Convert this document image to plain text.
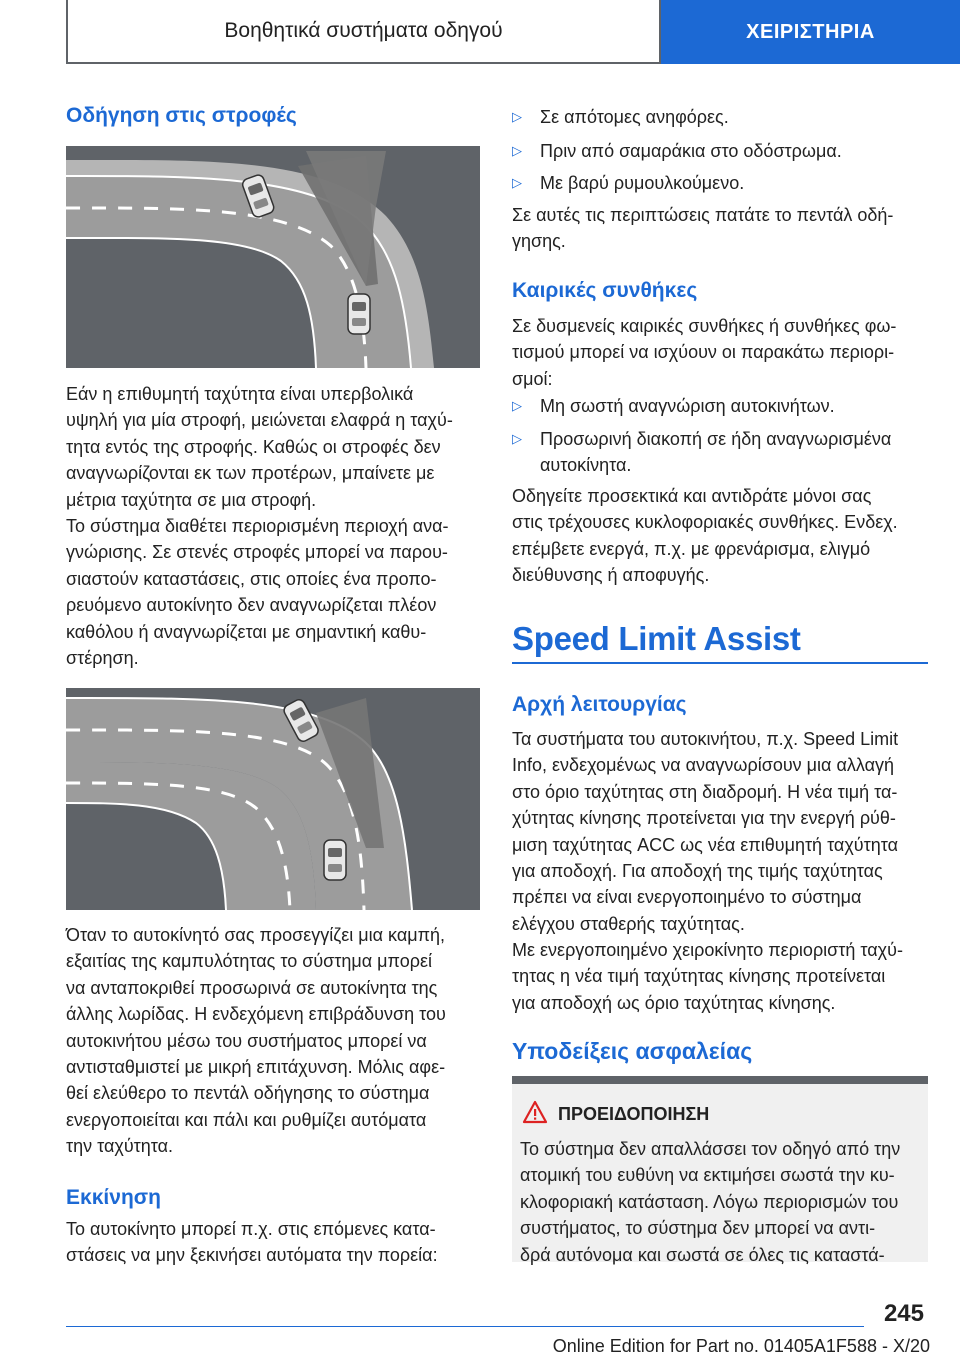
Βοηθητικά συστήματα οδηγού	ΧΕΙΡΙΣΤΗΡΙΑ
Οδήγηση στις στροφές
Εάν η επιθυμητή ταχύτητα είναι υπερβολικά
υψηλή για μία στροφή, μειώνεται ελαφρά η ταχύ-
τητα εντός της στροφής. Καθώς οι στροφές δεν
αναγνωρίζονται εκ των προτέρων, μπαίνετε με
μέτρια ταχύτητα σε μια στροφή.
Το σύστημα διαθέτει περιορισμένη περιοχή ανα-
γνώρισης. Σε στενές στροφές μπορεί να παρου-
σιαστούν καταστάσεις, στις οποίες ένα προπο-
ρευόμενο αυτοκίνητο δεν αναγνωρίζεται πλέον
καθόλου ή αναγνωρίζεται με σημαντική καθυ-
στέρηση.
Όταν το αυτοκίνητό σας προσεγγίζει μια καμπή,
εξαιτίας της καμπυλότητας το σύστημα μπορεί
να ανταποκριθεί προσωρινά σε αυτοκίνητα της
άλλης λωρίδας. Η ενδεχόμενη επιβράδυνση του
αυτοκινήτου μέσω του συστήματος μπορεί να
αντισταθμιστεί με μικρή επιτάχυνση. Μόλις αφε-
θεί ελεύθερο το πεντάλ οδήγησης το σύστημα
ενεργοποιείται και πάλι και ρυθμίζει αυτόματα
την ταχύτητα.
Εκκίνηση
Το αυτοκίνητο μπορεί π.χ. στις επόμενες κατα-
στάσεις να μην ξεκινήσει αυτόματα την πορεία:
▷ Σε απότομες ανηφόρες.
▷ Πριν από σαμαράκια στο οδόστρωμα.
▷ Με βαρύ ρυμουλκούμενο.
Σε αυτές τις περιπτώσεις πατάτε το πεντάλ οδή-
γησης.
Καιρικές συνθήκες
Σε δυσμενείς καιρικές συνθήκες ή συνθήκες φω-
τισμού μπορεί να ισχύουν οι παρακάτω περιορι-
σμοί:
▷ Μη σωστή αναγνώριση αυτοκινήτων.
▷ Προσωρινή διακοπή σε ήδη αναγνωρισμένα
αυτοκίνητα.
Οδηγείτε προσεκτικά και αντιδράτε μόνοι σας
στις τρέχουσες κυκλοφοριακές συνθήκες. Ενδεχ.
επέμβετε ενεργά, π.χ. με φρενάρισμα, ελιγμό
διεύθυνσης ή αποφυγής.
Speed Limit Assist
Αρχή λειτουργίας
Τα συστήματα του αυτοκινήτου, π.χ. Speed Limit
Info, ενδεχομένως να αναγνωρίσουν μια αλλαγή
στο όριο ταχύτητας στη διαδρομή. Η νέα τιμή τα-
χύτητας κίνησης προτείνεται για την ενεργή ρύθ-
μιση ταχύτητας ACC ως νέα επιθυμητή ταχύτητα
για αποδοχή. Για αποδοχή της τιμής ταχύτητας
πρέπει να είναι ενεργοποιημένο το σύστημα
ελέγχου σταθερής ταχύτητας.
Με ενεργοποιημένο χειροκίνητο περιοριστή ταχύ-
τητας η νέα τιμή ταχύτητας κίνησης προτείνεται
για αποδοχή ως όριο ταχύτητας κίνησης.
Υποδείξεις ασφαλείας
ΠΡΟΕΙΔΟΠΟΙΗΣΗ
Το σύστημα δεν απαλλάσσει τον οδηγό από την
ατομική του ευθύνη να εκτιμήσει σωστά την κυ-
κλοφοριακή κατάσταση. Λόγω περιορισμών του
συστήματος, το σύστημα δεν μπορεί να αντι-
δρά αυτόνομα και σωστά σε όλες τις καταστά-
245
Online Edition for Part no. 01405A1F588 - X/20
